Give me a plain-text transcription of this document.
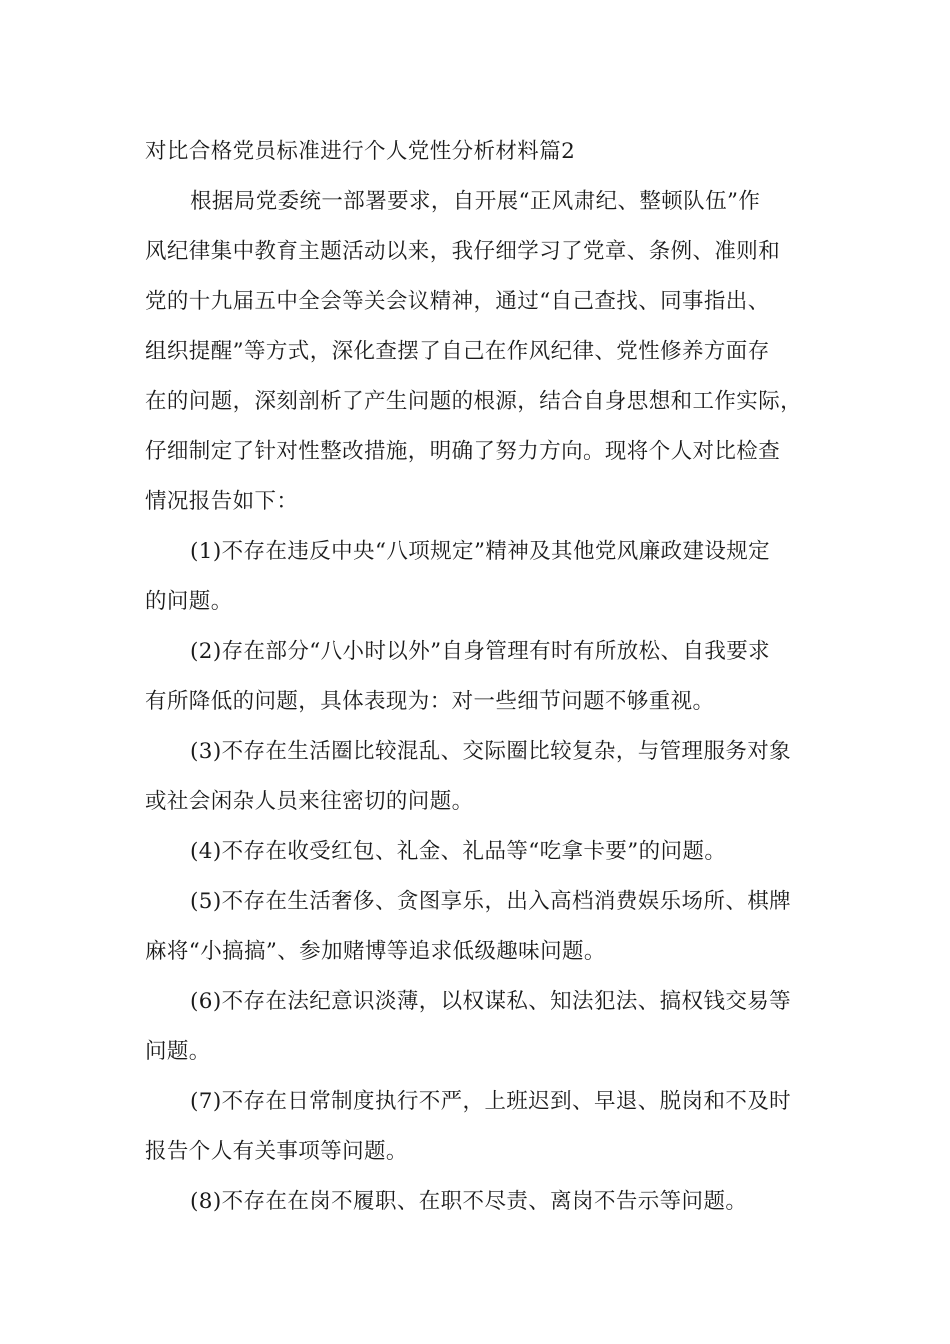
对比合格党员标准进行个人党性分析材料篇2
根据局党委统一部署要求，自开展“正风肃纪、整顿队伍”作
风纪律集中教育主题活动以来，我仔细学习了党章、条例、准则和
党的十九届五中全会等关会议精神，通过“自己查找、同事指出、
组织提醒”等方式，深化查摆了自己在作风纪律、党性修养方面存
在的问题，深刻剖析了产生问题的根源，结合自身思想和工作实际，
仔细制定了针对性整改措施，明确了努力方向。现将个人对比检查
情况报告如下：
(1)不存在违反中央“八项规定”精神及其他党风廉政建设规定
的问题。
(2)存在部分“八小时以外”自身管理有时有所放松、自我要求
有所降低的问题，具体表现为：对一些细节问题不够重视。
(3)不存在生活圈比较混乱、交际圈比较复杂，与管理服务对象
或社会闲杂人员来往密切的问题。
(4)不存在收受红包、礼金、礼品等“吃拿卡要”的问题。
(5)不存在生活奢侈、贪图享乐，出入高档消费娱乐场所、棋牌
麻将“小搞搞”、参加赌博等追求低级趣味问题。
(6)不存在法纪意识淡薄，以权谋私、知法犯法、搞权钱交易等
问题。
(7)不存在日常制度执行不严，上班迟到、早退、脱岗和不及时
报告个人有关事项等问题。
(8)不存在在岗不履职、在职不尽责、离岗不告示等问题。
